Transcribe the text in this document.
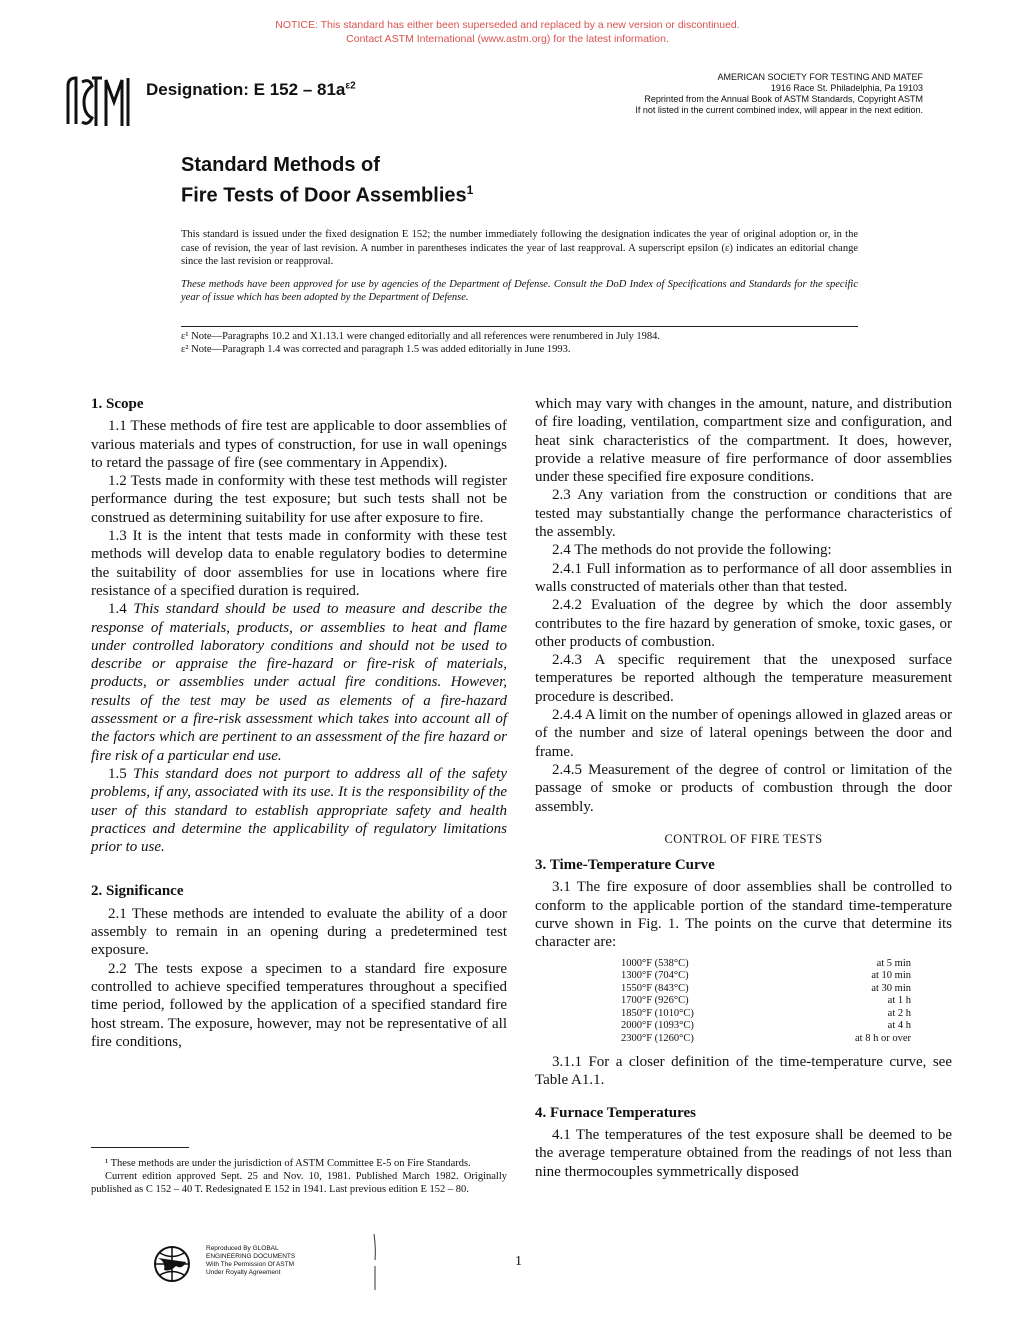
NOTICE: This standard has either been superseded and replaced by a new version or discontinued.
Contact ASTM International (www.astm.org) for the latest information.
ASTM
Designation: E $152 - 81a^{\varepsilon 2}$
AMERICAN SOCIETY FOR TESTING AND MATEF
1916 Race St. Philadelphia, Pa 19103
Reprinted from the Annual Book of ASTM Standards, Copyright ASTM
If not listed in the current combined index, will appear in the next edition.
Standard Methods of
Fire Tests of Door Assemblies$^1$

This standard is issued under the fixed designation E 152; the number immediately following the designation indicates the year of original adoption or, in the case of revision, the year of last revision. A number in parentheses indicates the year of last reapproval. A superscript epsilon (ε) indicates an editorial change since the last revision or reapproval.

These methods have been approved for use by agencies of the Department of Defense. Consult the DoD Index of Specifications and Standards for the specific year of issue which has been adopted by the Department of Defense.

ε¹ Note—Paragraphs 10.2 and X1.13.1 were changed editorially and all references were renumbered in July 1984.
ε² Note—Paragraph 1.4 was corrected and paragraph 1.5 was added editorially in June 1993.
1. Scope

1.1 These methods of fire test are applicable to door assemblies of various materials and types of construction, for use in wall openings to retard the passage of fire (see commentary in Appendix).

1.2 Tests made in conformity with these test methods will register performance during the test exposure; but such tests shall not be construed as determining suitability for use after exposure to fire.

1.3 It is the intent that tests made in conformity with these test methods will develop data to enable regulatory bodies to determine the suitability of door assemblies for use in locations where fire resistance of a specified duration is required.

1.4 This standard should be used to measure and describe the response of materials, products, or assemblies to heat and flame under controlled laboratory conditions and should not be used to describe or appraise the fire-hazard or fire-risk of materials, products, or assemblies under actual fire conditions. However, results of the test may be used as elements of a fire-hazard assessment or a fire-risk assessment which takes into account all of the factors which are pertinent to an assessment of the fire hazard or fire risk of a particular end use.

1.5 This standard does not purport to address all of the safety problems, if any, associated with its use. It is the responsibility of the user of this standard to establish appropriate safety and health practices and determine the applicability of regulatory limitations prior to use.

2. Significance

2.1 These methods are intended to evaluate the ability of a door assembly to remain in an opening during a predetermined test exposure.

2.2 The tests expose a specimen to a standard fire exposure controlled to achieve specified temperatures throughout a specified time period, followed by the application of a specified standard fire host stream. The exposure, however, may not be representative of all fire conditions,

which may vary with changes in the amount, nature, and distribution of fire loading, ventilation, compartment size and configuration, and heat sink characteristics of the compartment. It does, however, provide a relative measure of fire performance of door assemblies under these specified fire exposure conditions.

2.3 Any variation from the construction or conditions that are tested may substantially change the performance characteristics of the assembly.

2.4 The methods do not provide the following:

2.4.1 Full information as to performance of all door assemblies in walls constructed of materials other than that tested.

2.4.2 Evaluation of the degree by which the door assembly contributes to the fire hazard by generation of smoke, toxic gases, or other products of combustion.

2.4.3 A specific requirement that the unexposed surface temperatures be reported although the temperature measurement procedure is described.

2.4.4 A limit on the number of openings allowed in glazed areas or of the number and size of lateral openings between the door and frame.

2.4.5 Measurement of the degree of control or limitation of the passage of smoke or products of combustion through the door assembly.

CONTROL OF FIRE TESTS
3. Time-Temperature Curve

3.1 The fire exposure of door assemblies shall be controlled to conform to the applicable portion of the standard time-temperature curve shown in Fig. 1. The points on the curve that determine its character are:

1000°F (538°C)	at 5 min
1300°F (704°C)	at 10 min
1550°F (843°C)	at 30 min
1700°F (926°C)	at 1 h
1850°F (1010°C)	at 2 h
2000°F (1093°C)	at 4 h
2300°F (1260°C)	at 8 h or over

3.1.1 For a closer definition of the time-temperature curve, see Table A1.1.

4. Furnace Temperatures

4.1 The temperatures of the test exposure shall be deemed to be the average temperature obtained from the readings of not less than nine thermocouples symmetrically disposed

¹ These methods are under the jurisdiction of ASTM Committee E-5 on Fire Standards.

Current edition approved Sept. 25 and Nov. 10, 1981. Published March 1982. Originally published as C 152 – 40 T. Redesignated E 152 in 1941. Last previous edition E 152 – 80.

Reproduced By GLOBAL
ENGINEERING DOCUMENTS
With The Permission Of ASTM
Under Royalty Agreement
1
